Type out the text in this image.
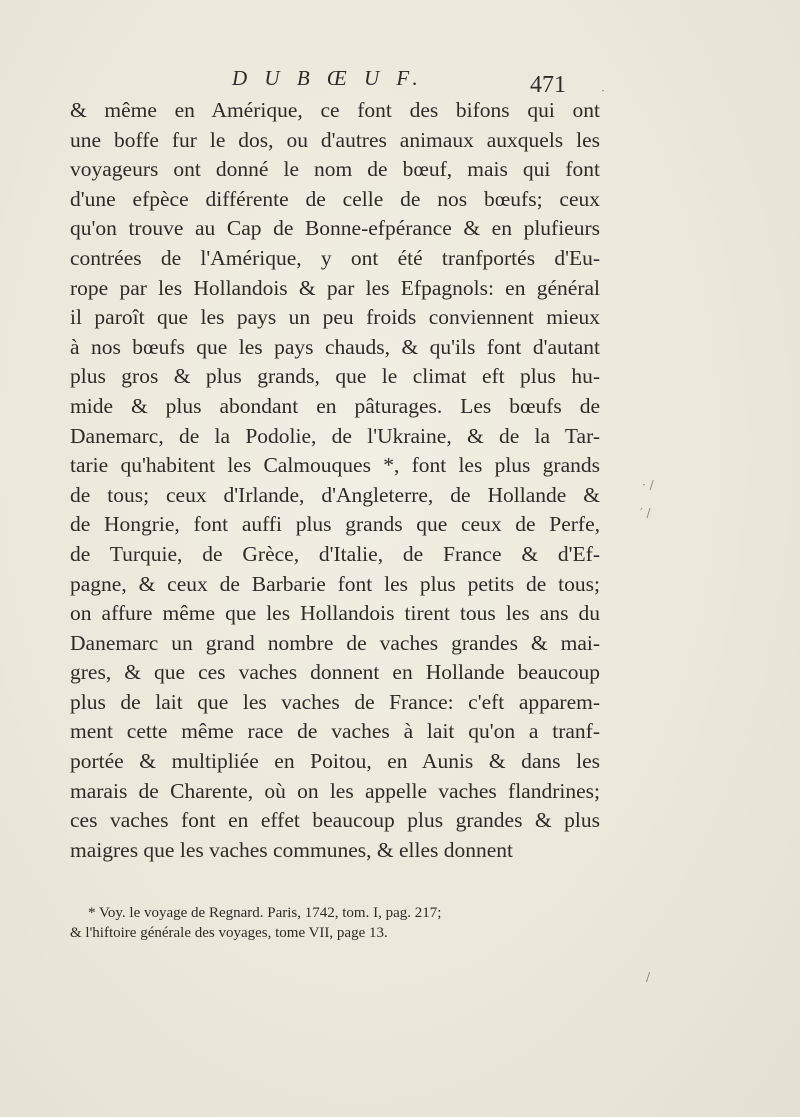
D U B Œ U F.	471
& même en Amérique, ce font des bifons qui ont
une boffe fur le dos, ou d'autres animaux auxquels les
voyageurs ont donné le nom de bœuf, mais qui font
d'une efpèce différente de celle de nos bœufs; ceux
qu'on trouve au Cap de Bonne-efpérance & en plufieurs
contrées de l'Amérique, y ont été tranfportés d'Eu-
rope par les Hollandois & par les Efpagnols: en général
il paroît que les pays un peu froids conviennent mieux
à nos bœufs que les pays chauds, & qu'ils font d'autant
plus gros & plus grands, que le climat eft plus hu-
mide & plus abondant en pâturages. Les bœufs de
Danemarc, de la Podolie, de l'Ukraine, & de la Tar-
tarie qu'habitent les Calmouques *, font les plus grands
de tous; ceux d'Irlande, d'Angleterre, de Hollande &
de Hongrie, font auffi plus grands que ceux de Perfe,
de Turquie, de Grèce, d'Italie, de France & d'Ef-
pagne, & ceux de Barbarie font les plus petits de tous;
on affure même que les Hollandois tirent tous les ans du
Danemarc un grand nombre de vaches grandes & mai-
gres, & que ces vaches donnent en Hollande beaucoup
plus de lait que les vaches de France: c'eft apparem-
ment cette même race de vaches à lait qu'on a tranf-
portée & multipliée en Poitou, en Aunis & dans les
marais de Charente, où on les appelle vaches flandrines;
ces vaches font en effet beaucoup plus grandes & plus
maigres que les vaches communes, & elles donnent
* Voy. le voyage de Regnard. Paris, 1742, tom. I, pag. 217;
& l'hiftoire générale des voyages, tome VII, page 13.
· /
′ /
/
·
